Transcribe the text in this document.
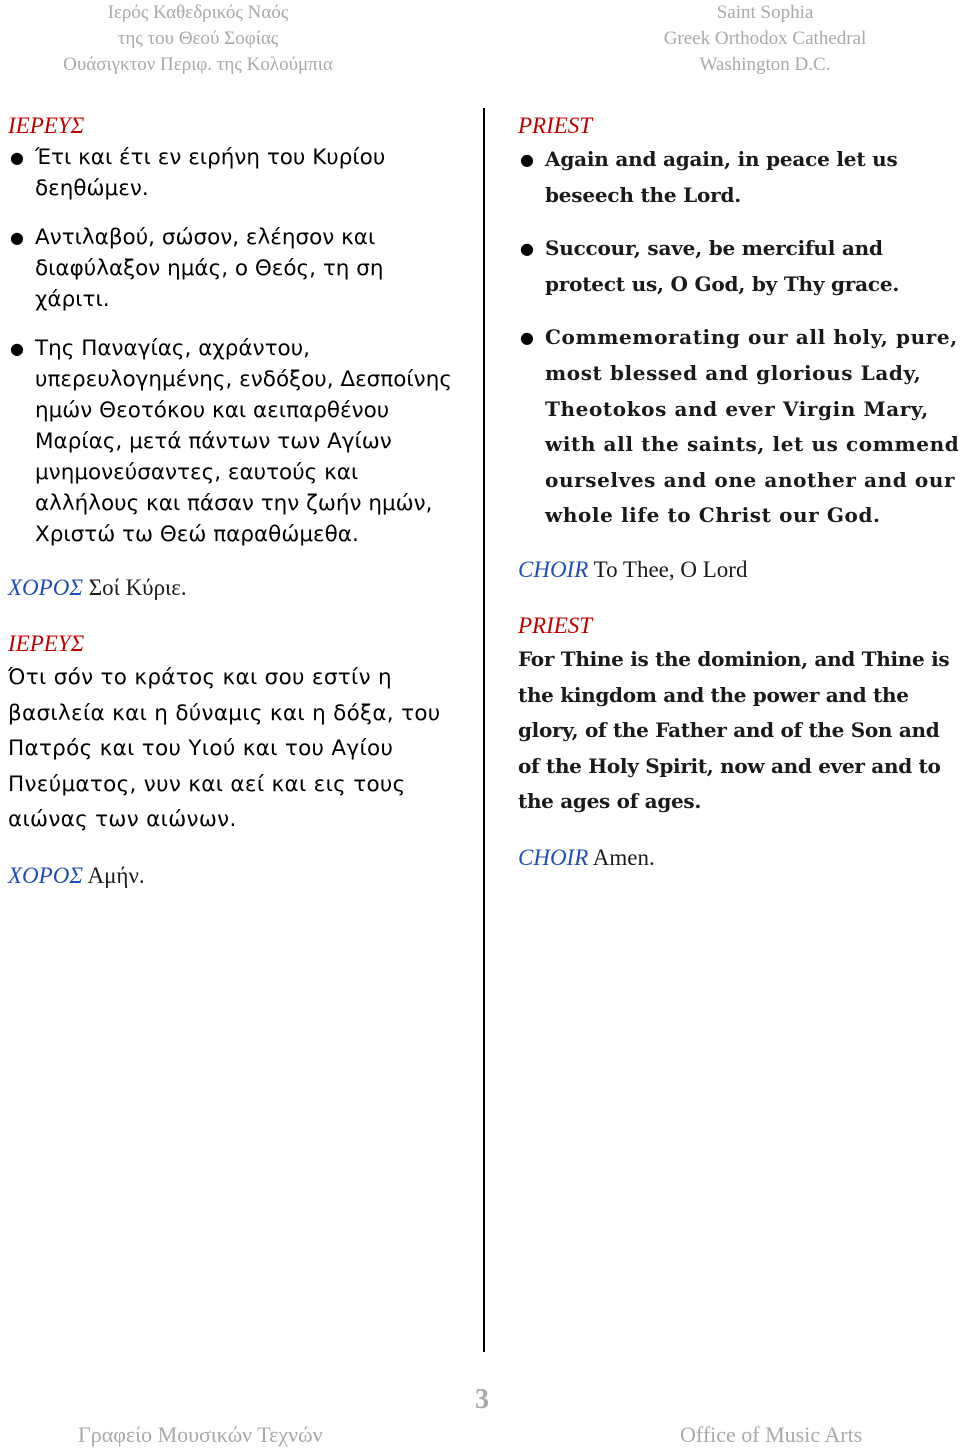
Ιερός Καθεδρικός Ναός
της του Θεού Σοφίας
Ουάσιγκτον Περιφ. της Κολούμπια
Saint Sophia
Greek Orthodox Cathedral
Washington D.C.
ΙΕΡΕΥΣ
● Έτι και έτι εν ειρήνη του Κυρίου δεηθώμεν.
● Αντιλαβού, σώσον, ελέησον και διαφύλαξον ημάς, ο Θεός, τη ση χάριτι.
● Της Παναγίας, αχράντου, υπερευλογημένης, ενδόξου, Δεσποίνης ημών Θεοτόκου και αειπαρθένου Μαρίας, μετά πάντων των Αγίων μνημονεύσαντες, εαυτούς και αλλήλους και πάσαν την ζωήν ημών, Χριστώ τω Θεώ παραθώμεθα.
ΧΟΡΟΣ Σοί Κύριε.
ΙΕΡΕΥΣ

Ότι σόν το κράτος και σου εστίν η βασιλεία και η δύναμις και η δόξα, του Πατρός και του Υιού και του Αγίου Πνεύματος, νυν και αεί και εις τους αιώνας των αιώνων.

ΧΟΡΟΣ Αμήν.
PRIEST
● Again and again, in peace let us beseech the Lord.
● Succour, save, be merciful and protect us, O God, by Thy grace.
● Commemorating our all holy, pure, most blessed and glorious Lady, Theotokos and ever Virgin Mary, with all the saints, let us commend ourselves and one another and our whole life to Christ our God.
CHOIR To Thee, O Lord
PRIEST

For Thine is the dominion, and Thine is the kingdom and the power and the glory, of the Father and of the Son and of the Holy Spirit, now and ever and to the ages of ages.

CHOIR Amen.
3
Γραφείο Μουσικών Τεχνών	Office of Music Arts
